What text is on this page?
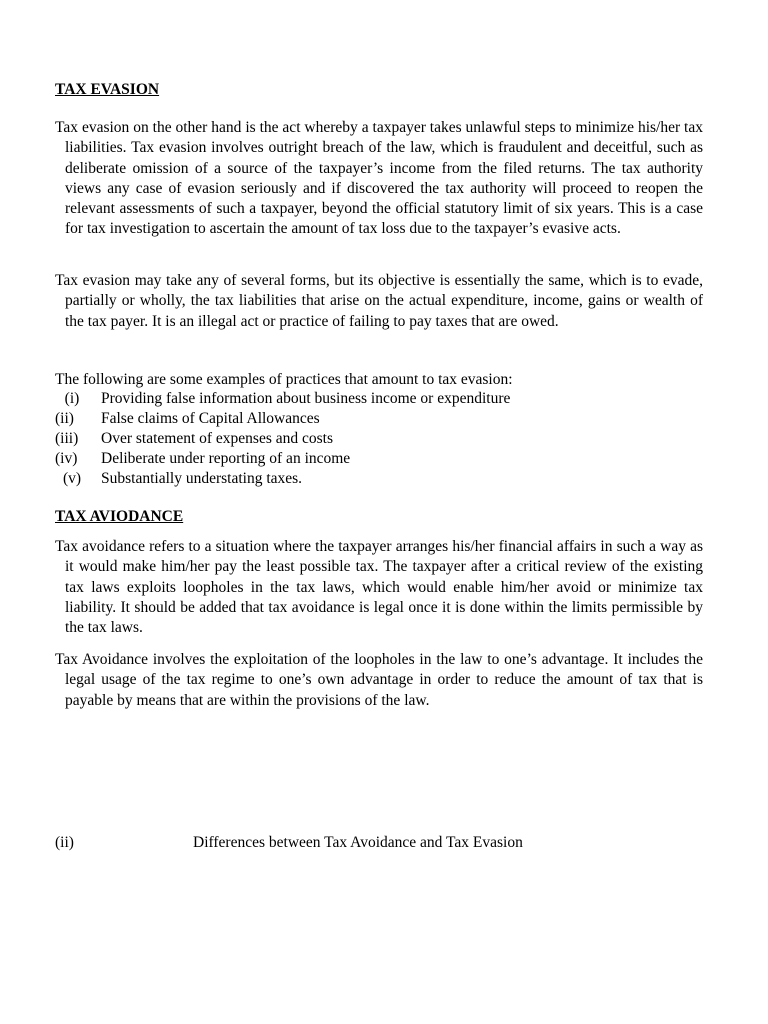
TAX EVASION

Tax evasion on the other hand is the act whereby a taxpayer takes unlawful steps to minimize his/her tax liabilities. Tax evasion involves outright breach of the law, which is fraudulent and deceitful, such as deliberate omission of a source of the taxpayer’s income from the filed returns. The tax authority views any case of evasion seriously and if discovered the tax authority will proceed to reopen the relevant assessments of such a taxpayer, beyond the official statutory limit of six years. This is a case for tax investigation to ascertain the amount of tax loss due to the taxpayer’s evasive acts.

Tax evasion may take any of several forms, but its objective is essentially the same, which is to evade, partially or wholly, the tax liabilities that arise on the actual expenditure, income, gains or wealth of the tax payer. It is an illegal act or practice of failing to pay taxes that are owed.

The following are some examples of practices that amount to tax evasion:
(i) Providing false information about business income or expenditure
(ii) False claims of Capital Allowances
(iii) Over statement of expenses and costs
(iv) Deliberate under reporting of an income
(v) Substantially understating taxes.
TAX AVIODANCE

Tax avoidance refers to a situation where the taxpayer arranges his/her financial affairs in such a way as it would make him/her pay the least possible tax. The taxpayer after a critical review of the existing tax laws exploits loopholes in the tax laws, which would enable him/her avoid or minimize tax liability. It should be added that tax avoidance is legal once it is done within the limits permissible by the tax laws.

Tax Avoidance involves the exploitation of the loopholes in the law to one’s advantage. It includes the legal usage of the tax regime to one’s own advantage in order to reduce the amount of tax that is payable by means that are within the provisions of the law.

(ii)	Differences between Tax Avoidance and Tax Evasion
